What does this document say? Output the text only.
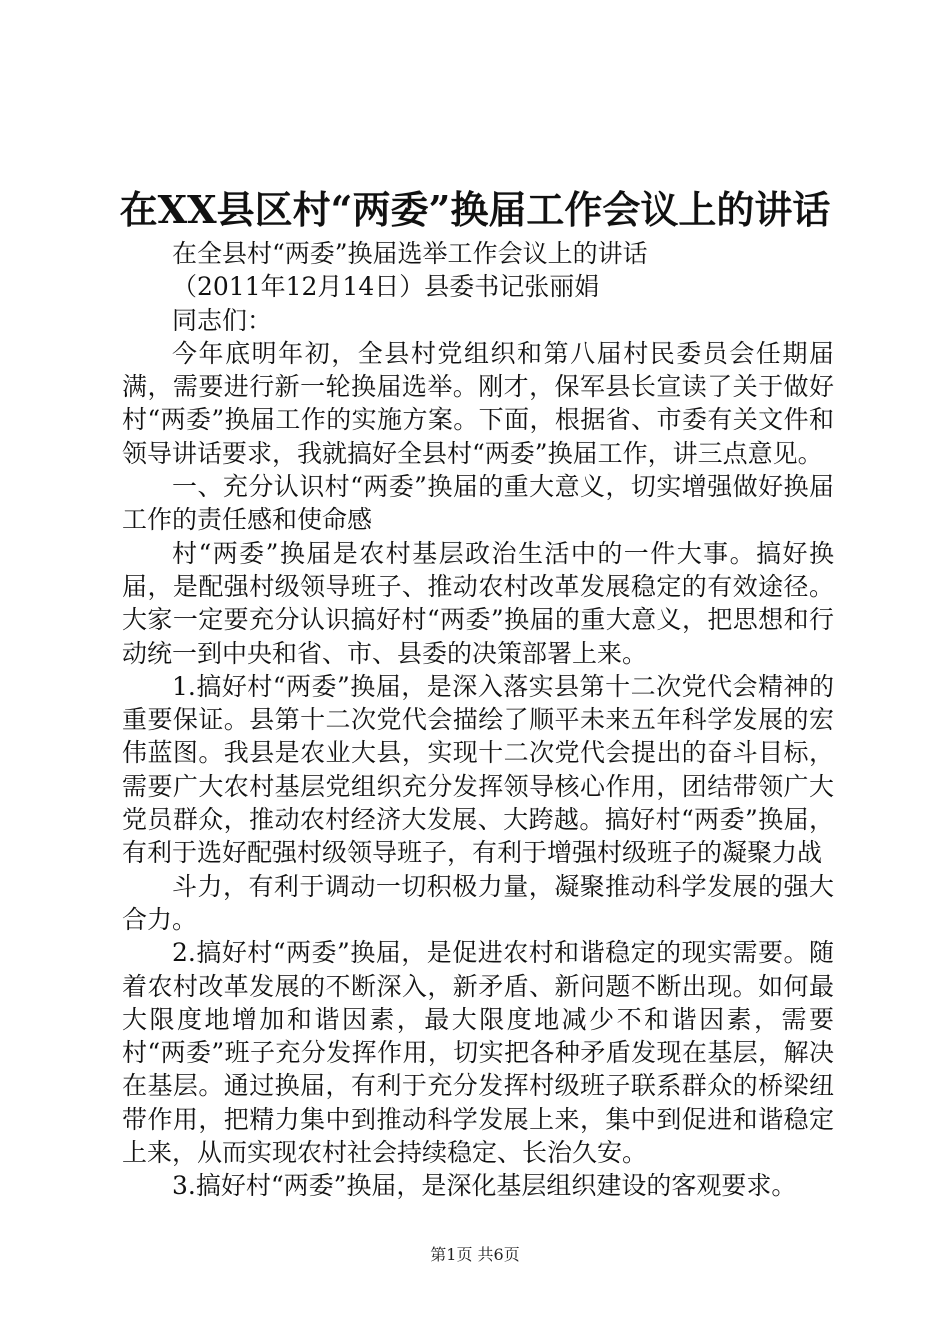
在XX县区村“两委”换届工作会议上的讲话

在全县村“两委”换届选举工作会议上的讲话

（2011年12月14日）县委书记张丽娟

同志们：

今年底明年初，全县村党组织和第八届村民委员会任期届满，需要进行新一轮换届选举。刚才，保军县长宣读了关于做好村“两委”换届工作的实施方案。下面，根据省、市委有关文件和领导讲话要求，我就搞好全县村“两委”换届工作，讲三点意见。

一、充分认识村“两委”换届的重大意义，切实增强做好换届工作的责任感和使命感

村“两委”换届是农村基层政治生活中的一件大事。搞好换届，是配强村级领导班子、推动农村改革发展稳定的有效途径。大家一定要充分认识搞好村“两委”换届的重大意义，把思想和行动统一到中央和省、市、县委的决策部署上来。

1.搞好村“两委”换届，是深入落实县第十二次党代会精神的重要保证。县第十二次党代会描绘了顺平未来五年科学发展的宏伟蓝图。我县是农业大县，实现十二次党代会提出的奋斗目标，需要广大农村基层党组织充分发挥领导核心作用，团结带领广大党员群众，推动农村经济大发展、大跨越。搞好村“两委”换届，有利于选好配强村级领导班子，有利于增强村级班子的凝聚力战

斗力，有利于调动一切积极力量，凝聚推动科学发展的强大合力。

2.搞好村“两委”换届，是促进农村和谐稳定的现实需要。随着农村改革发展的不断深入，新矛盾、新问题不断出现。如何最大限度地增加和谐因素，最大限度地减少不和谐因素，需要村“两委”班子充分发挥作用，切实把各种矛盾发现在基层，解决在基层。通过换届，有利于充分发挥村级班子联系群众的桥梁纽带作用，把精力集中到推动科学发展上来，集中到促进和谐稳定上来，从而实现农村社会持续稳定、长治久安。

3.搞好村“两委”换届，是深化基层组织建设的客观要求。

第1页 共6页
